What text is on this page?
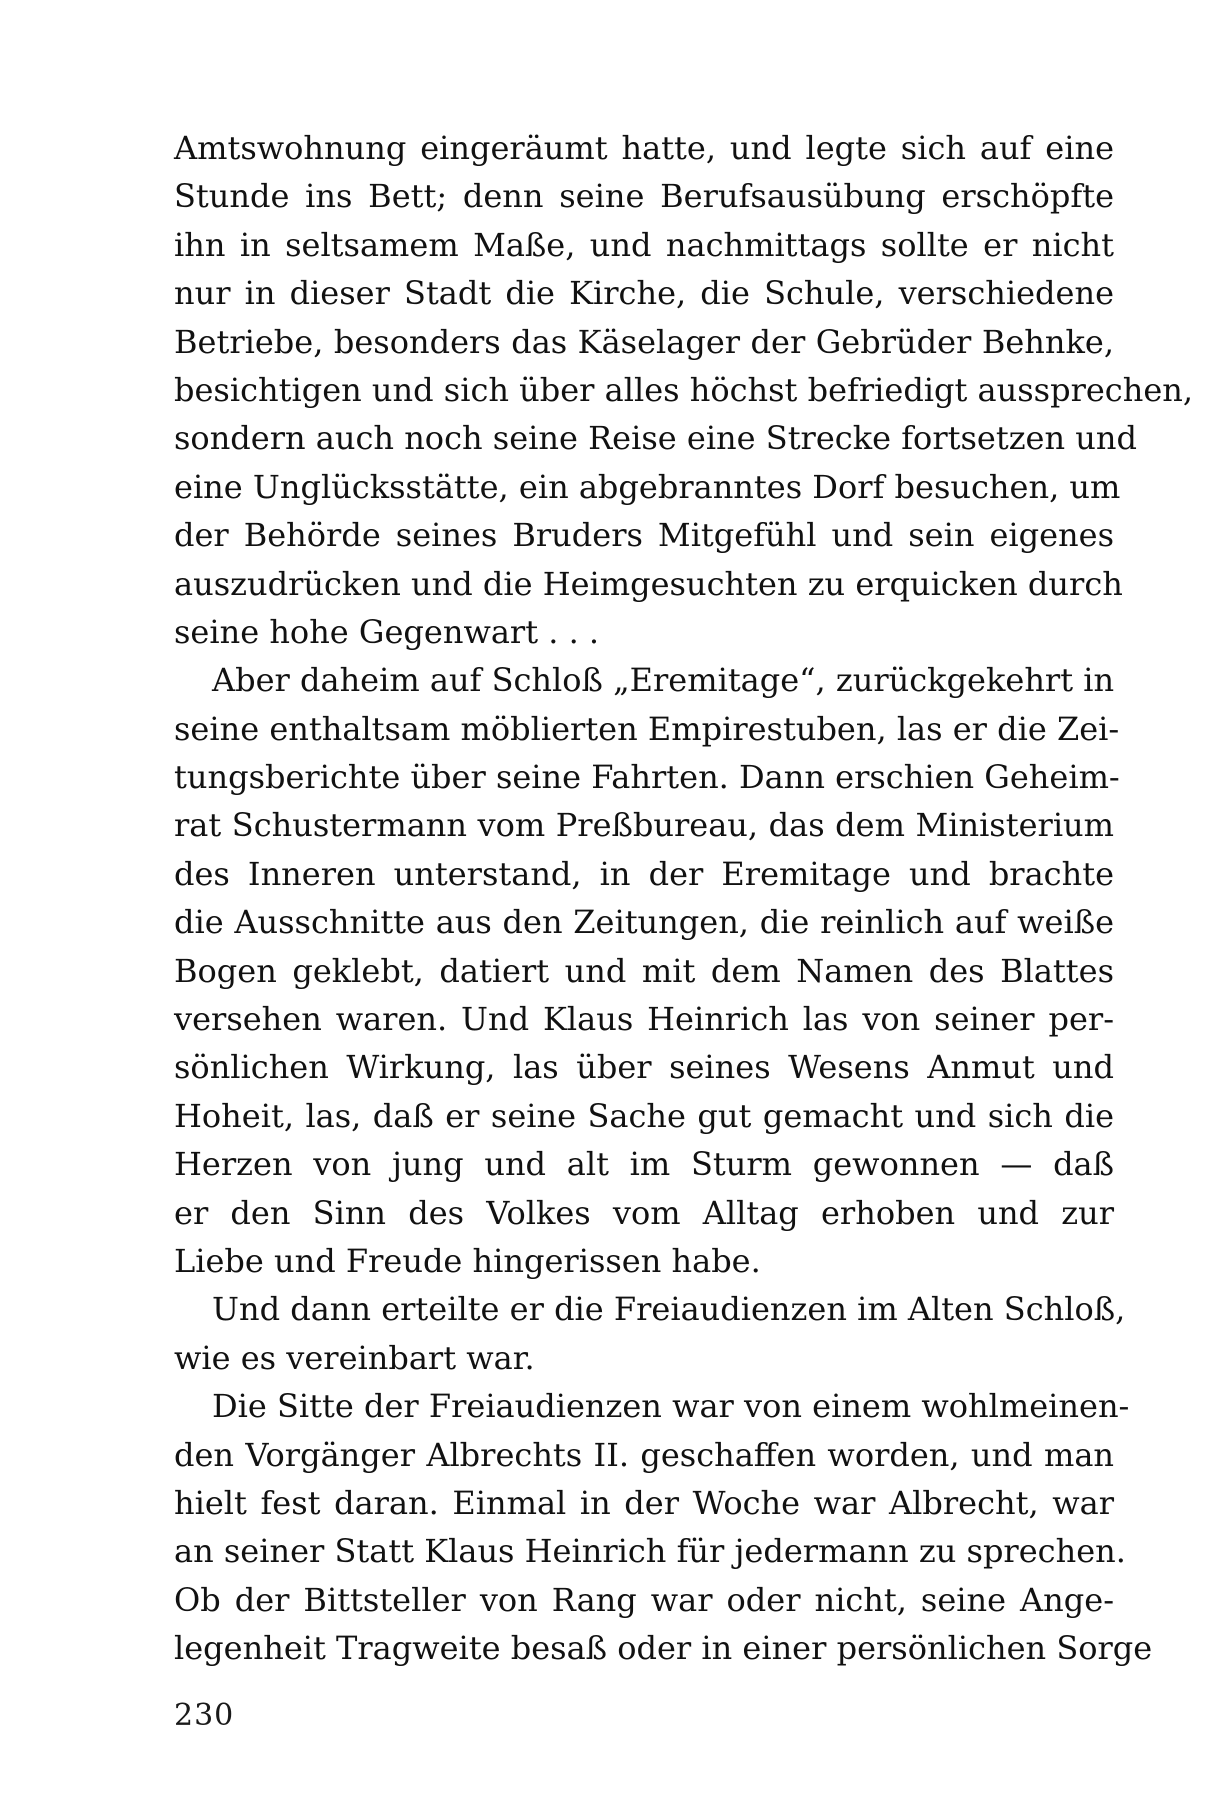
Amtswohnung eingeräumt hatte, und legte sich auf eine
Stunde ins Bett; denn seine Berufsausübung erschöpfte
ihn in seltsamem Maße, und nachmittags sollte er nicht
nur in dieser Stadt die Kirche, die Schule, verschiedene
Betriebe, besonders das Käselager der Gebrüder Behnke,
besichtigen und sich über alles höchst befriedigt aussprechen,
sondern auch noch seine Reise eine Strecke fortsetzen und
eine Unglücksstätte, ein abgebranntes Dorf besuchen, um
der Behörde seines Bruders Mitgefühl und sein eigenes
auszudrücken und die Heimgesuchten zu erquicken durch
seine hohe Gegenwart . . .
Aber daheim auf Schloß „Eremitage“, zurückgekehrt in
seine enthaltsam möblierten Empirestuben, las er die Zei-
tungsberichte über seine Fahrten. Dann erschien Geheim-
rat Schustermann vom Preßbureau, das dem Ministerium
des Inneren unterstand, in der Eremitage und brachte
die Ausschnitte aus den Zeitungen, die reinlich auf weiße
Bogen geklebt, datiert und mit dem Namen des Blattes
versehen waren. Und Klaus Heinrich las von seiner per-
sönlichen Wirkung, las über seines Wesens Anmut und
Hoheit, las, daß er seine Sache gut gemacht und sich die
Herzen von jung und alt im Sturm gewonnen — daß
er den Sinn des Volkes vom Alltag erhoben und zur
Liebe und Freude hingerissen habe.
Und dann erteilte er die Freiaudienzen im Alten Schloß,
wie es vereinbart war.
Die Sitte der Freiaudienzen war von einem wohlmeinen-
den Vorgänger Albrechts II. geschaffen worden, und man
hielt fest daran. Einmal in der Woche war Albrecht, war
an seiner Statt Klaus Heinrich für jedermann zu sprechen.
Ob der Bittsteller von Rang war oder nicht, seine Ange-
legenheit Tragweite besaß oder in einer persönlichen Sorge
230
